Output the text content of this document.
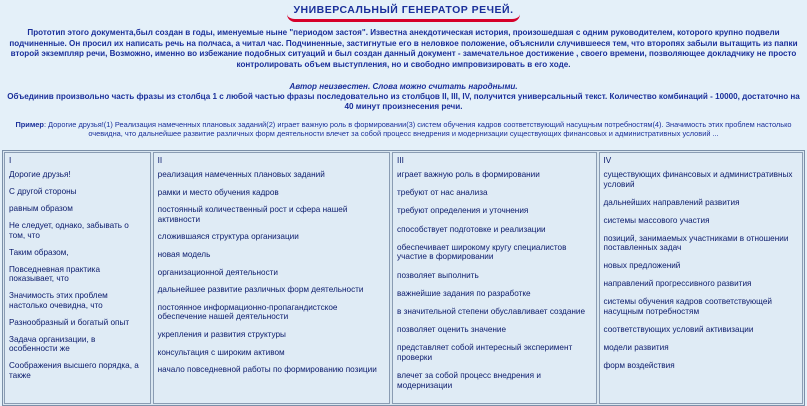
УНИВЕРСАЛЬНЫЙ ГЕНЕРАТОР РЕЧЕЙ.
Прототип этого документа,был создан в годы, именуемые ныне "периодом застоя". Известна анекдотическая история, произошедшая с одним руководителем, которого крупно подвели подчиненные. Он просил их написать речь на полчаса, а читал час. Подчиненные, застигнутые его в неловкое положение, объяснили случившееся тем, что второпях забыли вытащить из папки второй экземпляр речи, Возможно, именно во избежание подобных ситуаций и был создан данный документ - замечательное достижение , своего времени, позволяющее докладчику не просто контролировать объем выступления, но и свободно импровизировать в его ходе.
Автор неизвестен. Слова можно считать народными.
Объединив произвольно часть фразы из столбца 1 с любой частью фразы последовательно из столбцов II, III, IV, получится универсальный текст. Количество комбинаций - 10000, достаточно на 40 минут произнесения речи.
Пример: Дорогие друзья!(1) Реализация намеченных плановых заданий(2) играет важную роль в формировании(3) систем обучения кадров соответствующий насущным потребностям(4). Значимость этих проблем настолько очевидна, что дальнейшее развитие различных форм деятельности влечет за собой процесс внедрения и модернизации существующих финансовых и административных условий ...
I
Дорогие друзья!
С другой стороны
равным образом
Не следует, однако, забывать о том, что
Таким образом,
Повседневная практика показывает, что
Значимость этих проблем настолько очевидна, что
Разнообразный и богатый опыт
Задача организации, в особенности же
Соображения высшего порядка, а также
II
реализация намеченных плановых заданий
рамки и место обучения кадров
постоянный количественный рост и сфера нашей активности
сложившаяся структура организации
новая модель
организационной деятельности
дальнейшее развитие различных форм деятельности
постоянное информационно-пропагандистское обеспечение нашей деятельности
укрепления и развития структуры
консультация с широким активом
начало повседневной работы по формированию позиции
III
играет важную роль в формировании
требуют от нас анализа
требуют определения и уточнения
способствует подготовке и реализации
обеспечивает широкому кругу специалистов участие в формировании
позволяет выполнить
важнейшие задания по разработке
в значительной степени обуславливает создание
позволяет оценить значение
представляет собой интересный эксперимент проверки
влечет за собой процесс внедрения и модернизации
IV
существующих финансовых и административных условий
дальнейших направлений развития
системы массового участия
позиций, занимаемых участниками в отношении поставленных задач
новых предложений
направлений прогрессивного развития
системы обучения кадров соответствующей насущным потребностям
соответствующих условий активизации
модели развития
форм воздействия
